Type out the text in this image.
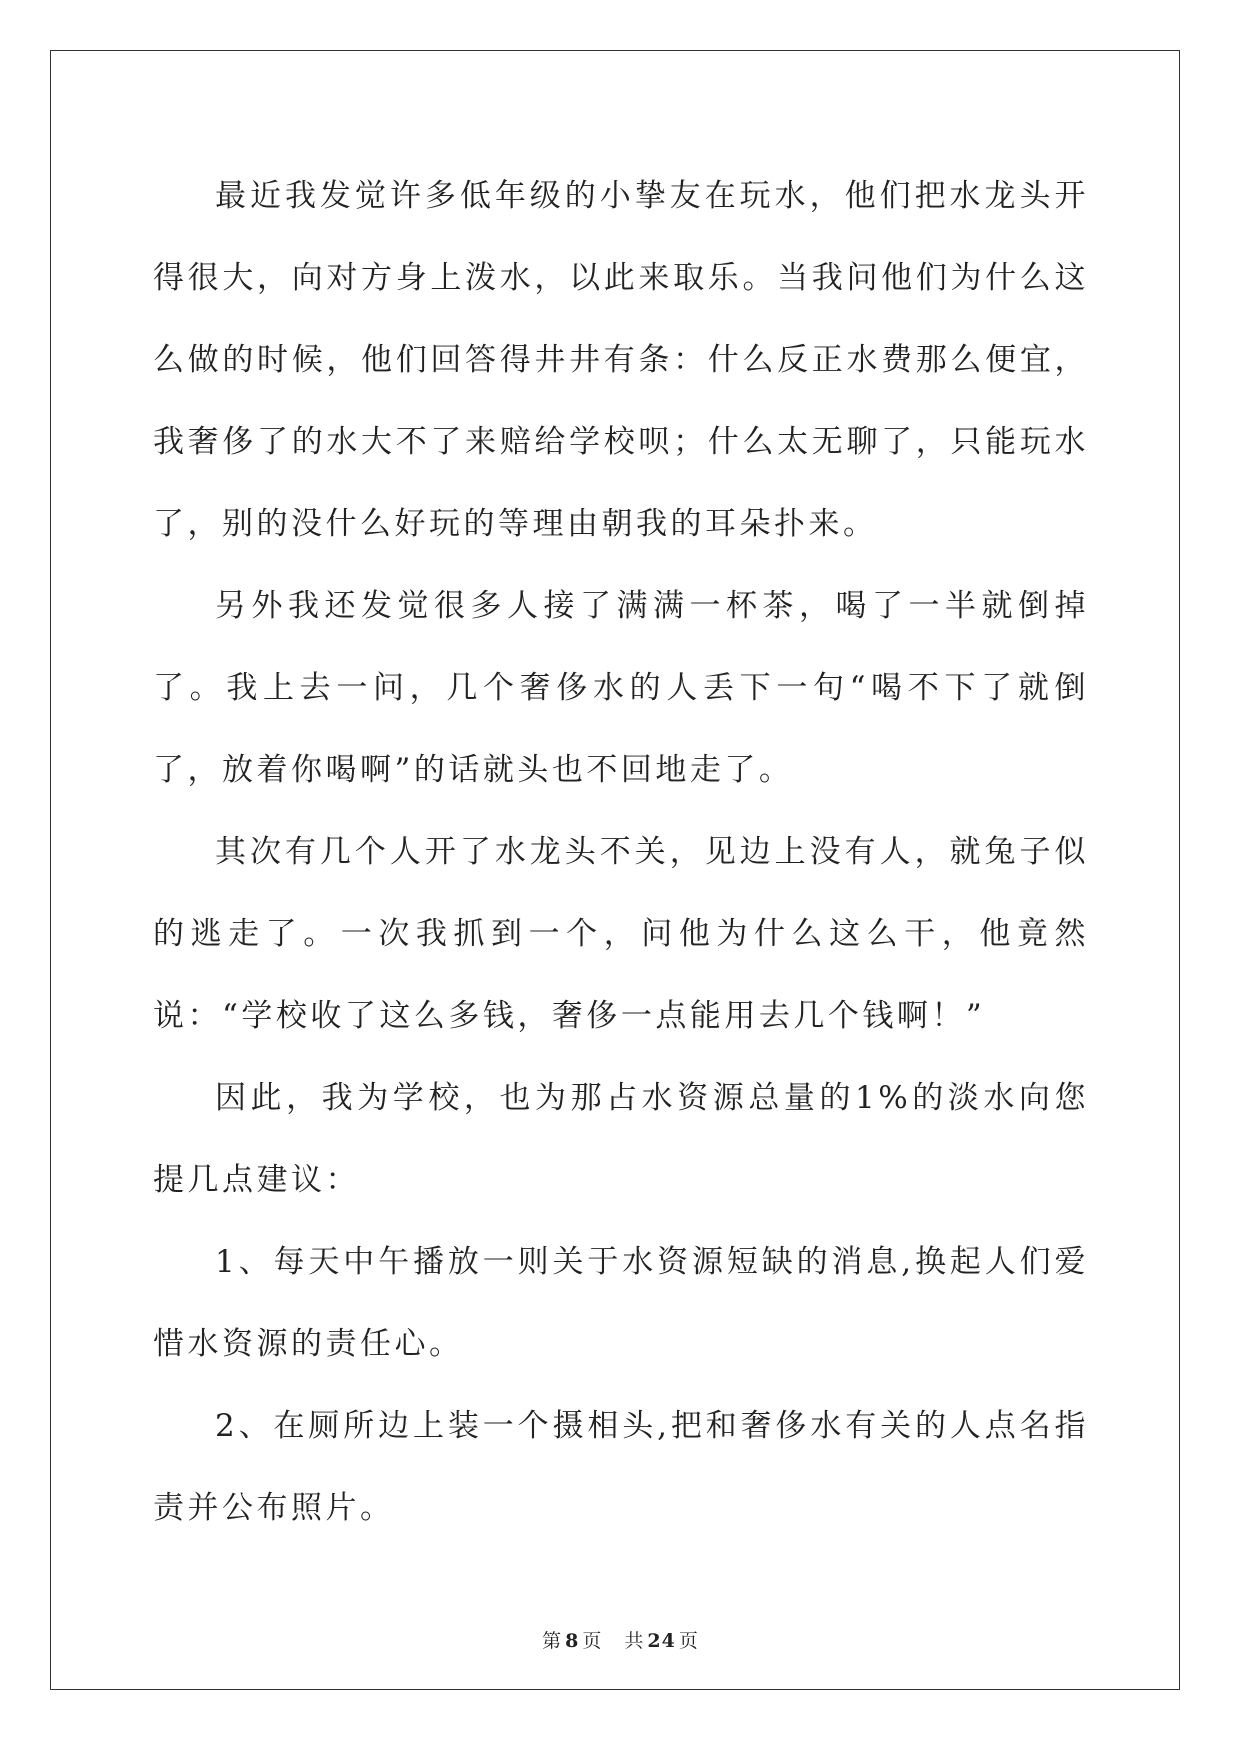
最近我发觉许多低年级的小挚友在玩水，他们把水龙头开得很大，向对方身上泼水，以此来取乐。当我问他们为什么这么做的时候，他们回答得井井有条：什么反正水费那么便宜，我奢侈了的水大不了来赔给学校呗；什么太无聊了，只能玩水了，别的没什么好玩的等理由朝我的耳朵扑来。

另外我还发觉很多人接了满满一杯茶，喝了一半就倒掉了。我上去一问，几个奢侈水的人丢下一句“喝不下了就倒了，放着你喝啊”的话就头也不回地走了。

其次有几个人开了水龙头不关，见边上没有人，就兔子似的逃走了。一次我抓到一个，问他为什么这么干，他竟然说：“学校收了这么多钱，奢侈一点能用去几个钱啊！”

因此，我为学校，也为那占水资源总量的1%的淡水向您提几点建议：

1、每天中午播放一则关于水资源短缺的消息,换起人们爱惜水资源的责任心。

2、在厕所边上装一个摄相头,把和奢侈水有关的人点名指责并公布照片。

第 8 页 共 24 页
